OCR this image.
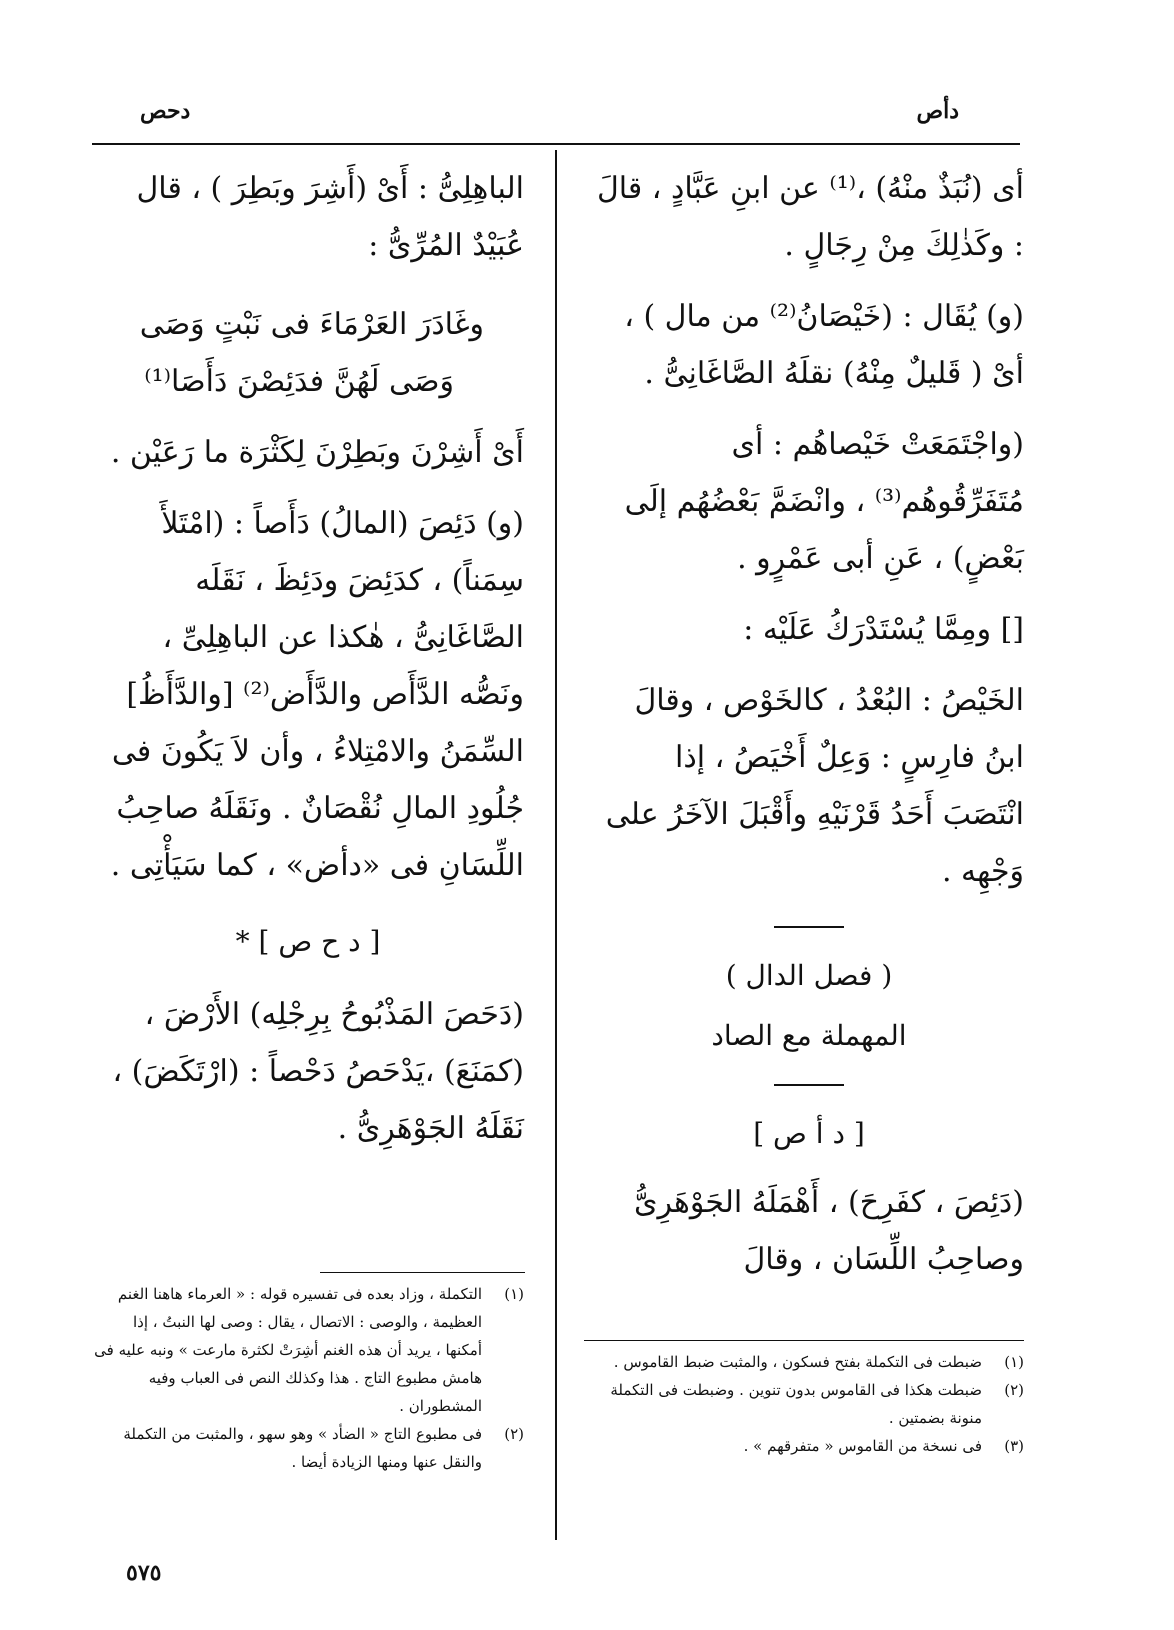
دأص
دحص

أى (نُبَذٌ منْهُ) ،⁽¹⁾ عن ابنِ عَبَّادٍ ، قالَ : وكَذٰلِكَ مِنْ رِجَالٍ .

(و) يُقَال : (خَيْصَانُ⁽²⁾ من مال ) ، أىْ ( قَليلٌ مِنْهُ) نقلَهُ الصَّاغَانِىُّ .

(واجْتَمَعَتْ خَيْصاهُم : أى مُتَفَرِّقُوهُم⁽³⁾ ، وانْضَمَّ بَعْضُهُم إلَى بَعْضٍ) ، عَنِ أبى عَمْرٍو .

[] ومِمَّا يُسْتَدْرَكُ عَلَيْه :

الخَيْصُ : البُعْدُ ، كالخَوْص ، وقالَ ابنُ فارِسٍ : وَعِلٌ أَخْيَصُ ، إذا انْتَصَبَ أَحَدُ قَرْنَيْهِ وأَقْبَلَ الآخَرُ على وَجْهِه .

( فصل الدال )

المهملة مع الصاد

[ د أ ص ]

(دَئِصَ ، كفَرِحَ) ، أَهْمَلَهُ الجَوْهَرِىُّ وصاحِبُ اللِّسَان ، وقالَ

الباهِلِىُّ : أَىْ (أَشِرَ وبَطِرَ ) ، قال عُبَيْدٌ المُرِّىُّ :

وغَادَرَ العَرْمَاءَ فى نَبْتٍ وَصَى

وَصَى لَهُنَّ فدَئِصْنَ دَأَصَا⁽¹⁾

أَىْ أَشِرْنَ وبَطِرْنَ لِكَثْرَة ما رَعَيْن .

(و) دَئِصَ (المالُ) دَأَصاً : (امْتَلأَ سِمَناً) ، كدَئِضَ ودَئِظَ ، نَقَلَه الصَّاغَانِىُّ ، هٰكذا عن الباهِلِىِّ ، ونَصُّه الدَّأَص والدَّأَض⁽²⁾ [والدَّأَظُ] السِّمَنُ والامْتِلاءُ ، وأن لاَ يَكُونَ فى جُلُودِ المالِ نُقْصَانٌ . ونَقَلَهُ صاحِبُ اللِّسَانِ فى «دأض» ، كما سَيَأْتِى .

[ د ح ص ] *

(دَحَصَ المَذْبُوحُ بِرِجْلِه) الأَرْضَ ، (كمَنَعَ) ،يَدْحَصُ دَحْصاً : (ارْتَكَضَ) ، نَقَلَهُ الجَوْهَرِىُّ .

(١)
ضبطت فى التكملة بفتح فسكون ، والمثبت ضبط القاموس .

(٢)
ضبطت هكذا فى القاموس بدون تنوين . وضبطت فى التكملة منونة بضمتين .

(٣)
فى نسخة من القاموس « متفرقهم » .

(١)
التكملة ، وزاد بعده فى تفسيره قوله : « العرماء هاهنا الغنم العظيمة ، والوصى : الاتصال ، يقال : وصى لها النبتُ ، إذا أمكنها ، يريد أن هذه الغنم أشِرَتْ لكثرة مارعت » ونبه عليه فى هامش مطبوع التاج . هذا وكذلك النص فى العباب وفيه المشطوران .

(٢)
فى مطبوع التاج « الضأد » وهو سهو ، والمثبت من التكملة والنقل عنها ومنها الزيادة أيضا .

٥٧٥
